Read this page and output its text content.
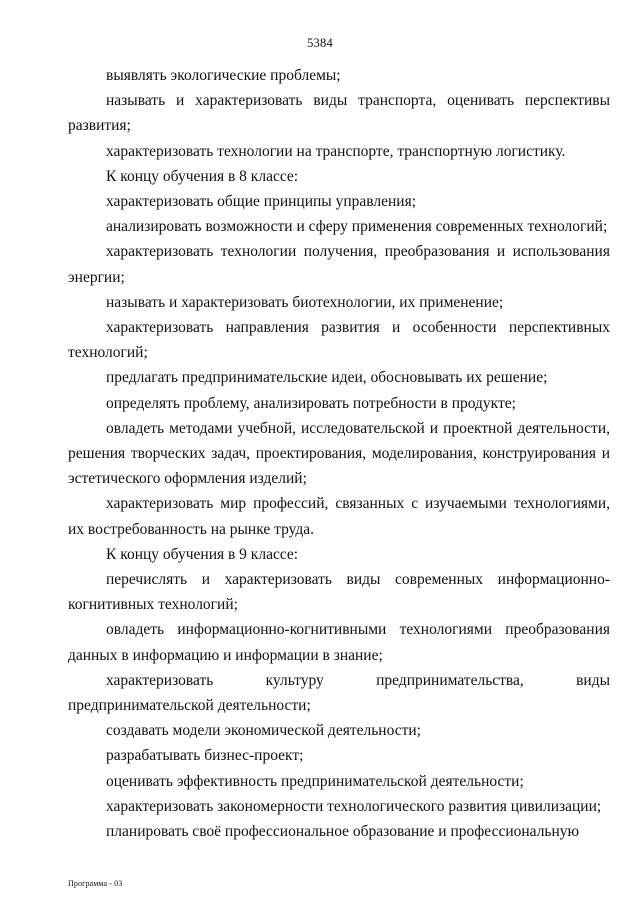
5384

выявлять экологические проблемы;

называть и характеризовать виды транспорта, оценивать перспективы развития;

характеризовать технологии на транспорте, транспортную логистику.

К концу обучения в 8 классе:

характеризовать общие принципы управления;

анализировать возможности и сферу применения современных технологий;

характеризовать технологии получения, преобразования и использования энергии;

называть и характеризовать биотехнологии, их применение;

характеризовать направления развития и особенности перспективных технологий;

предлагать предпринимательские идеи, обосновывать их решение;

определять проблему, анализировать потребности в продукте;

овладеть методами учебной, исследовательской и проектной деятельности, решения творческих задач, проектирования, моделирования, конструирования и эстетического оформления изделий;

характеризовать мир профессий, связанных с изучаемыми технологиями, их востребованность на рынке труда.

К концу обучения в 9 классе:

перечислять и характеризовать виды современных информационно-когнитивных технологий;

овладеть информационно-когнитивными технологиями преобразования данных в информацию и информации в знание;

характеризовать культуру предпринимательства, виды предпринимательской деятельности;

создавать модели экономической деятельности;

разрабатывать бизнес-проект;

оценивать эффективность предпринимательской деятельности;

характеризовать закономерности технологического развития цивилизации;

планировать своё профессиональное образование и профессиональную

Программа - 03
